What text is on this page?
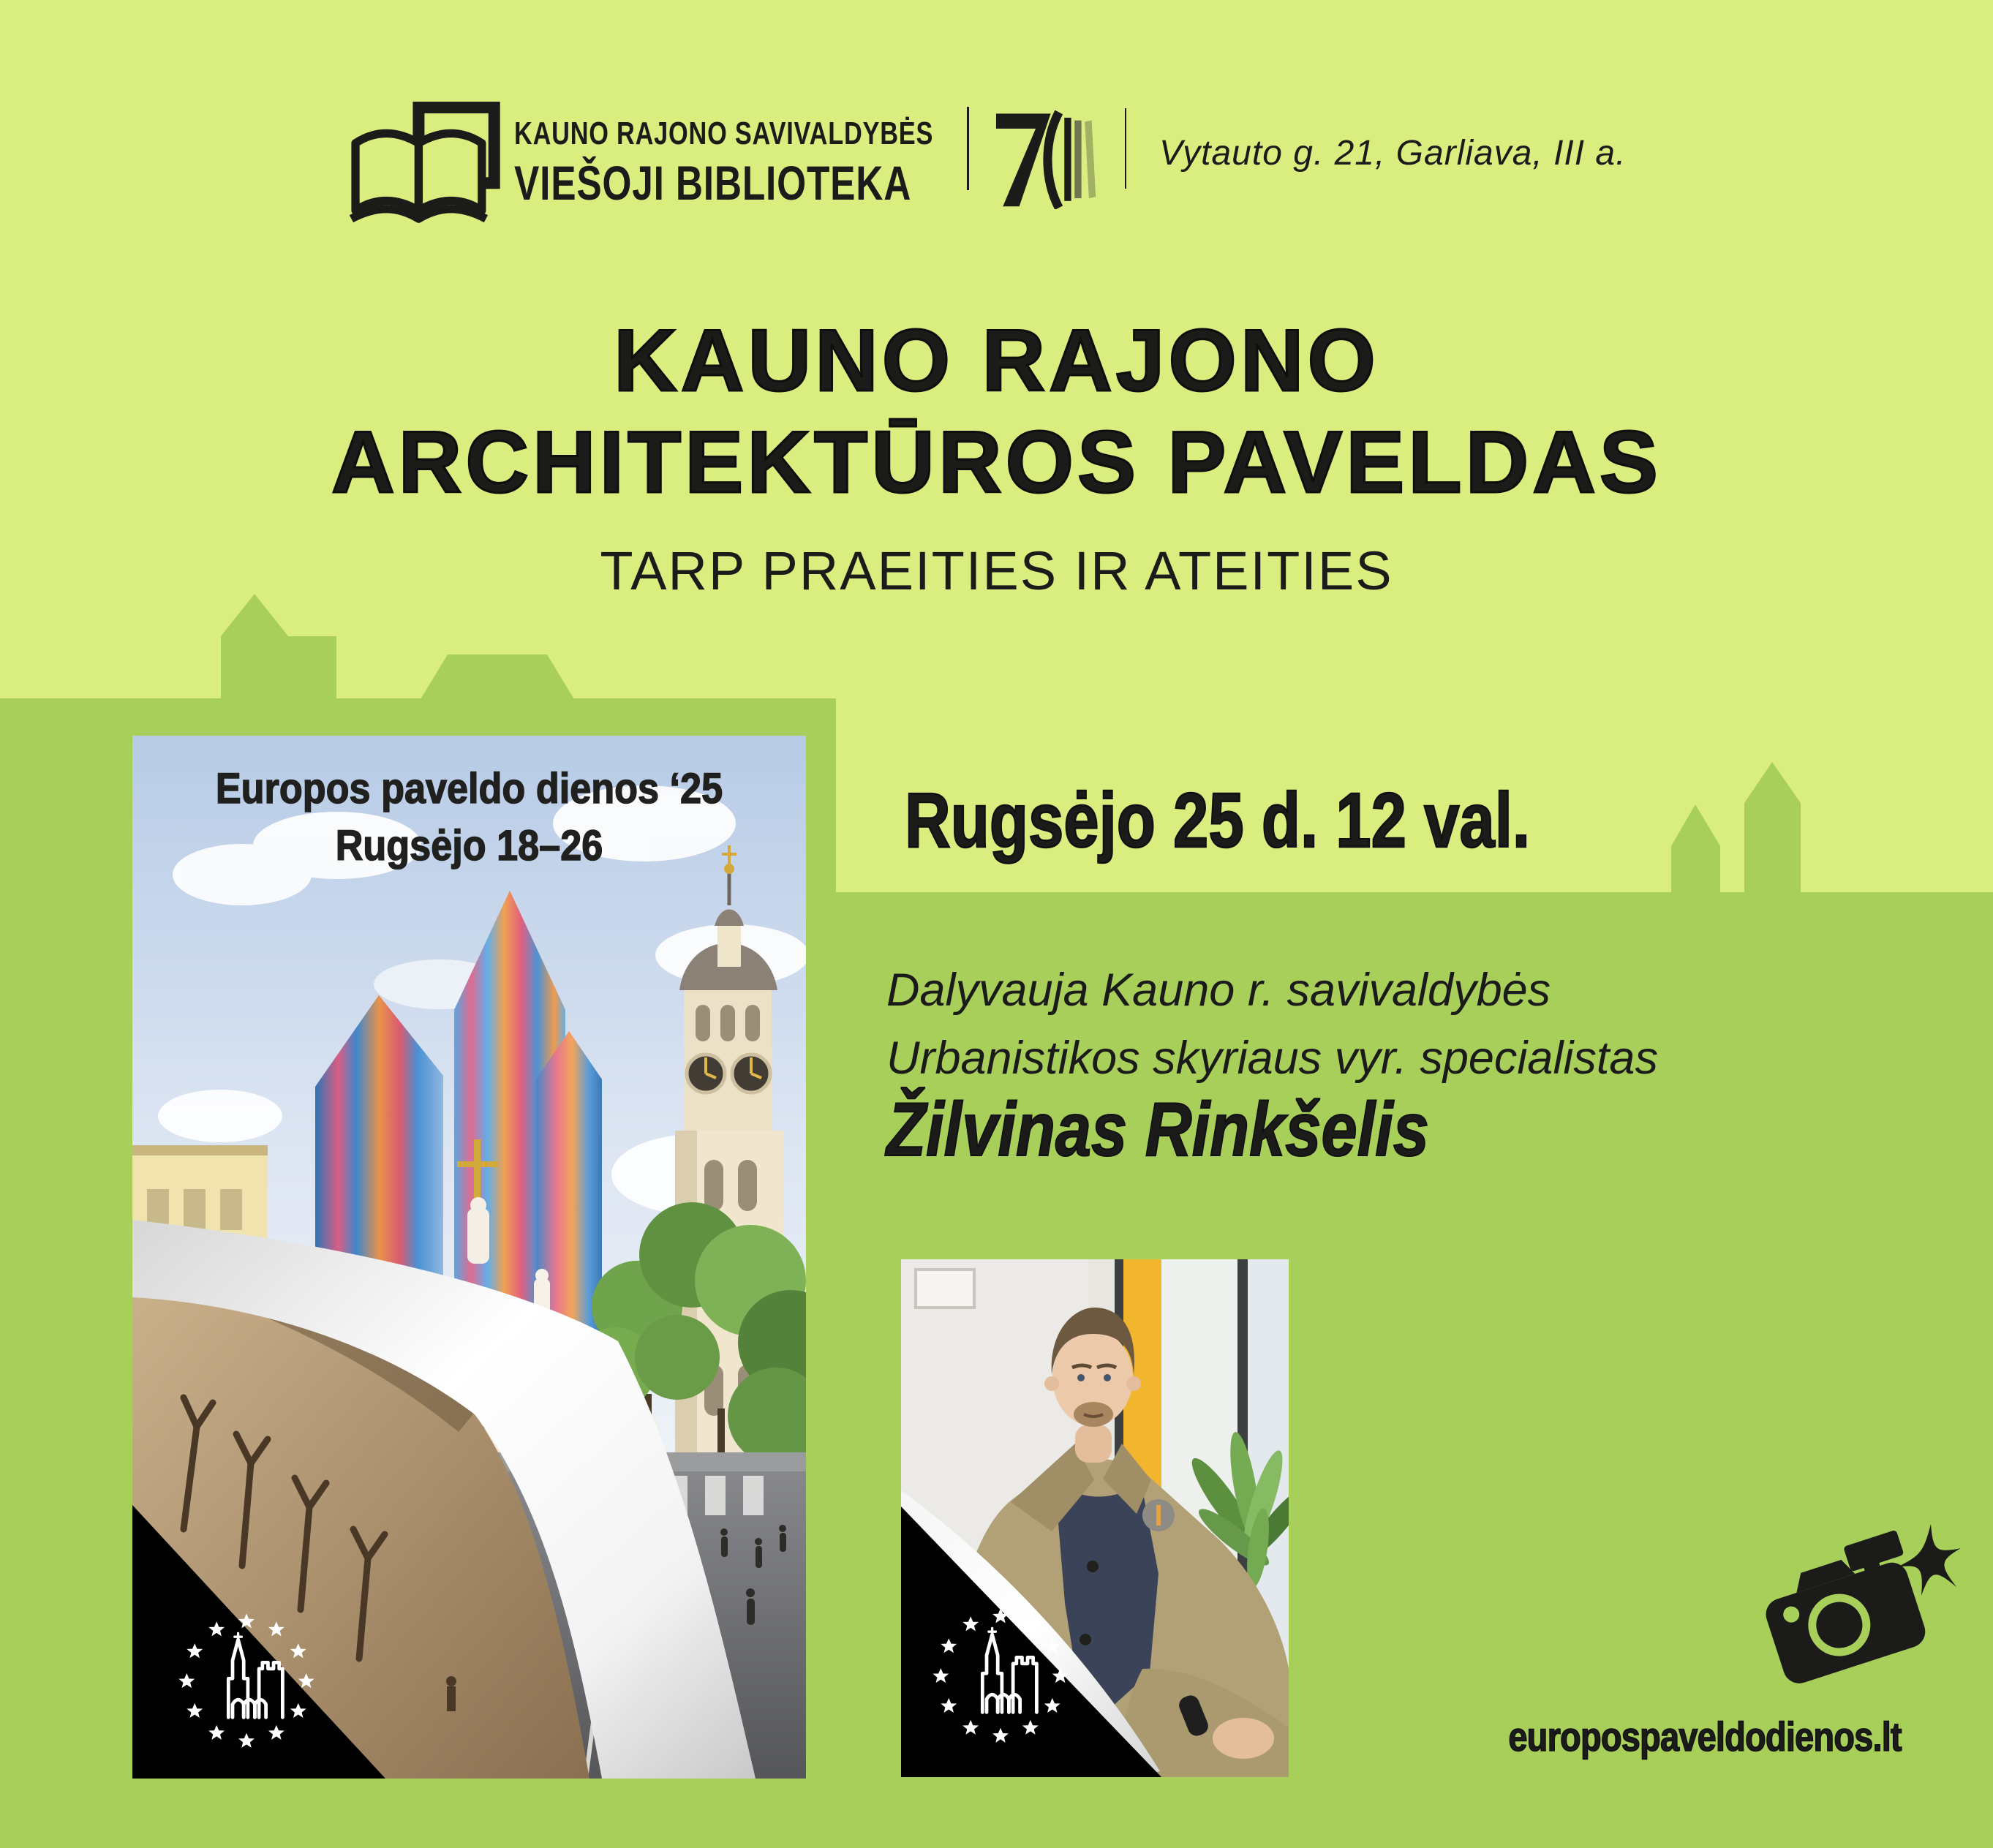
KAUNO RAJONO SAVIVALDYBĖS
VIEŠOJI BIBLIOTEKA
Vytauto g. 21, Garliava, III a.
KAUNO RAJONO
ARCHITEKTŪROS PAVELDAS
TARP PRAEITIES IR ATEITIES
Europos paveldo dienos ‘25
Rugsėjo 18–26	Rugsėjo 25 d. 12 val.
Dalyvauja Kauno r. savivaldybės
Urbanistikos skyriaus vyr. specialistas
Žilvinas Rinkšelis
europospaveldodienos.lt
